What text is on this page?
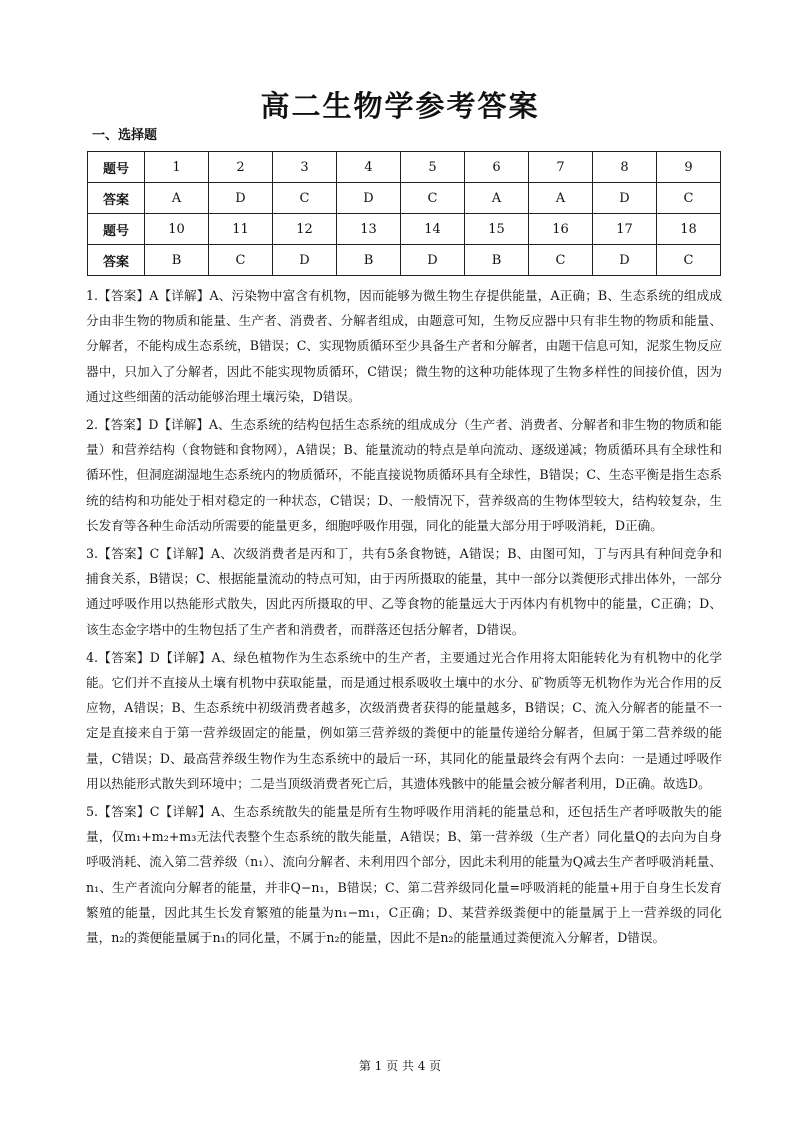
高二生物学参考答案
一、选择题
题号	1	2	3	4	5	6	7	8	9
答案	A	D	C	D	C	A	A	D	C
题号	10	11	12	13	14	15	16	17	18
答案	B	C	D	B	D	B	C	D	C
1.【答案】A【详解】A、污染物中富含有机物，因而能够为微生物生存提供能量，A正确；B、生态系统的组成成分由非生物的物质和能量、生产者、消费者、分解者组成，由题意可知，生物反应器中只有非生物的物质和能量、分解者，不能构成生态系统，B错误；C、实现物质循环至少具备生产者和分解者，由题干信息可知，泥浆生物反应器中，只加入了分解者，因此不能实现物质循环，C错误；微生物的这种功能体现了生物多样性的间接价值，因为通过这些细菌的活动能够治理土壤污染，D错误。
2.【答案】D【详解】A、生态系统的结构包括生态系统的组成成分（生产者、消费者、分解者和非生物的物质和能量）和营养结构（食物链和食物网），A错误；B、能量流动的特点是单向流动、逐级递减；物质循环具有全球性和循环性，但洞庭湖湿地生态系统内的物质循环，不能直接说物质循环具有全球性，B错误；C、生态平衡是指生态系统的结构和功能处于相对稳定的一种状态，C错误；D、一般情况下，营养级高的生物体型较大，结构较复杂，生长发育等各种生命活动所需要的能量更多，细胞呼吸作用强，同化的能量大部分用于呼吸消耗，D正确。
3.【答案】C【详解】A、次级消费者是丙和丁，共有5条食物链，A错误；B、由图可知，丁与丙具有种间竞争和捕食关系，B错误；C、根据能量流动的特点可知，由于丙所摄取的能量，其中一部分以粪便形式排出体外，一部分通过呼吸作用以热能形式散失，因此丙所摄取的甲、乙等食物的能量远大于丙体内有机物中的能量，C正确；D、该生态金字塔中的生物包括了生产者和消费者，而群落还包括分解者，D错误。
4.【答案】D【详解】A、绿色植物作为生态系统中的生产者，主要通过光合作用将太阳能转化为有机物中的化学能。它们并不直接从土壤有机物中获取能量，而是通过根系吸收土壤中的水分、矿物质等无机物作为光合作用的反应物，A错误；B、生态系统中初级消费者越多，次级消费者获得的能量越多，B错误；C、流入分解者的能量不一定是直接来自于第一营养级固定的能量，例如第三营养级的粪便中的能量传递给分解者，但属于第二营养级的能量，C错误；D、最高营养级生物作为生态系统中的最后一环，其同化的能量最终会有两个去向：一是通过呼吸作用以热能形式散失到环境中；二是当顶级消费者死亡后，其遗体残骸中的能量会被分解者利用，D正确。故选D。
5.【答案】C【详解】A、生态系统散失的能量是所有生物呼吸作用消耗的能量总和，还包括生产者呼吸散失的能量，仅m₁+m₂+m₃无法代表整个生态系统的散失能量，A错误；B、第一营养级（生产者）同化量Q的去向为自身呼吸消耗、流入第二营养级（n₁）、流向分解者、未利用四个部分，因此未利用的能量为Q减去生产者呼吸消耗量、n₁、生产者流向分解者的能量，并非Q−n₁，B错误；C、第二营养级同化量=呼吸消耗的能量+用于自身生长发育繁殖的能量，因此其生长发育繁殖的能量为n₁−m₁，C正确；D、某营养级粪便中的能量属于上一营养级的同化量，n₂的粪便能量属于n₁的同化量，不属于n₂的能量，因此不是n₂的能量通过粪便流入分解者，D错误。
第 1 页 共 4 页
